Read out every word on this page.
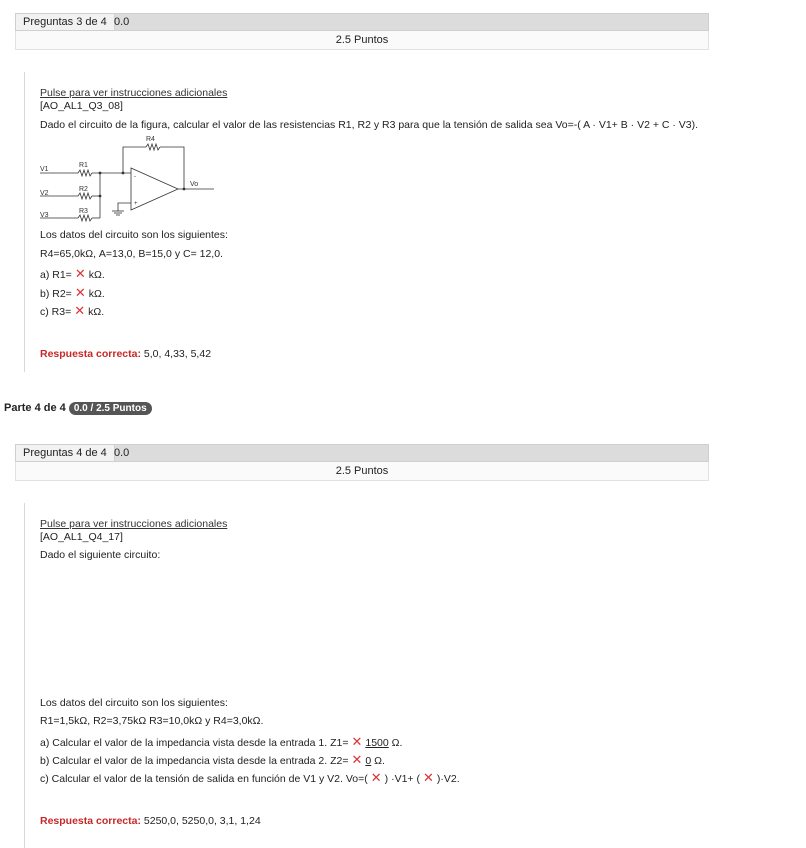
Preguntas 3 de 4 0.0
2.5 Puntos
Pulse para ver instrucciones adicionales
[AO_AL1_Q3_08]
Dado el circuito de la figura, calcular el valor de las resistencias R1, R2 y R3 para que la tensión de salida sea Vo=-( A · V1+ B · V2 + C · V3).
R4
R1
R2
R3
V1
V2
V3
Vo
-
+
Los datos del circuito son los siguientes:
R4=65,0kΩ, A=13,0, B=15,0 y C= 12,0.
a) R1= ✕ kΩ.
b) R2= ✕ kΩ.
c) R3= ✕ kΩ.
Respuesta correcta: 5,0, 4,33, 5,42
Parte 4 de 4 0.0 / 2.5 Puntos
Preguntas 4 de 4 0.0
2.5 Puntos
Pulse para ver instrucciones adicionales
[AO_AL1_Q4_17]
Dado el siguiente circuito:
Los datos del circuito son los siguientes:
R1=1,5kΩ, R2=3,75kΩ R3=10,0kΩ y R4=3,0kΩ.
a) Calcular el valor de la impedancia vista desde la entrada 1. Z1= ✕ 1500 Ω.
b) Calcular el valor de la impedancia vista desde la entrada 2. Z2= ✕ 0 Ω.
c) Calcular el valor de la tensión de salida en función de V1 y V2. Vo=( ✕ ) ·V1+ ( ✕ )·V2.
Respuesta correcta: 5250,0, 5250,0, 3,1, 1,24
